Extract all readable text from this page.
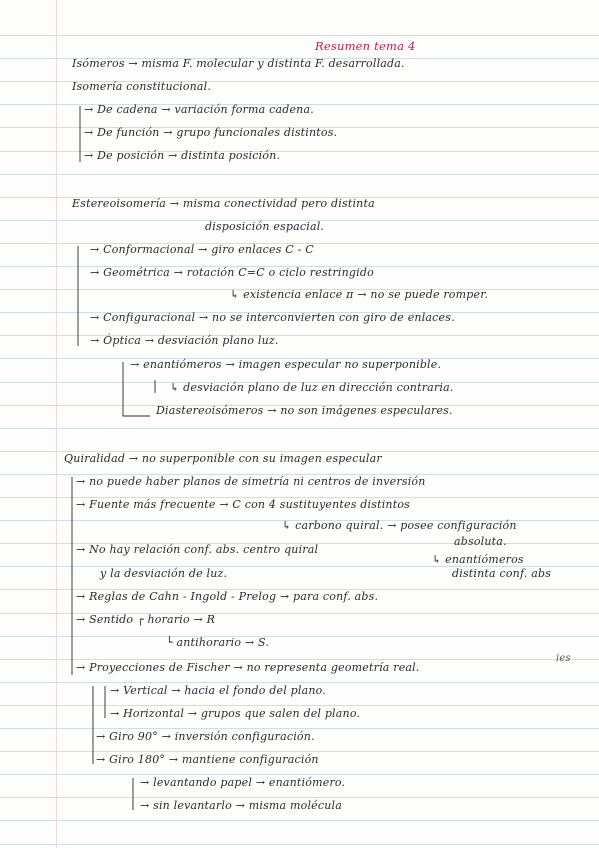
Resumen tema 4
ies
Isómeros → misma F. molecular y distinta F. desarrollada.
Isomería constitucional.
→ De cadena → variación forma cadena.
→ De función → grupo funcionales distintos.
→ De posición → distinta posición.
Estereoisomería → misma conectividad pero distinta
disposición espacial.
→ Conformacional → giro enlaces C - C
→ Geométrica → rotación C=C o ciclo restringido
↳ existencia enlace π → no se puede romper.
→ Configuracional → no se interconvierten con giro de enlaces.
→ Óptica → desviación plano luz.
→ enantiómeros → imagen especular no superponible.
↳ desviación plano de luz en dirección contraria.
Diastereoisómeros → no son imágenes especulares.
Quiralidad → no superponible con su imagen especular
→ no puede haber planos de simetría ni centros de inversión
→ Fuente más frecuente → C con 4 sustituyentes distintos
↳ carbono quiral. → posee configuración
absoluta.
→ No hay relación conf. abs. centro quiral
↳ enantiómeros
distinta conf. abs
y la desviación de luz.
→ Reglas de Cahn - Ingold - Prelog → para conf. abs.
→ Sentido ┌ horario → R
└ antihorario → S.
→ Proyecciones de Fischer → no representa geometría real.
→ Vertical → hacia el fondo del plano.
→ Horizontal → grupos que salen del plano.
→ Giro 90° → inversión configuración.
→ Giro 180° → mantiene configuración
→ levantando papel → enantiómero.
→ sin levantarlo → misma molécula
